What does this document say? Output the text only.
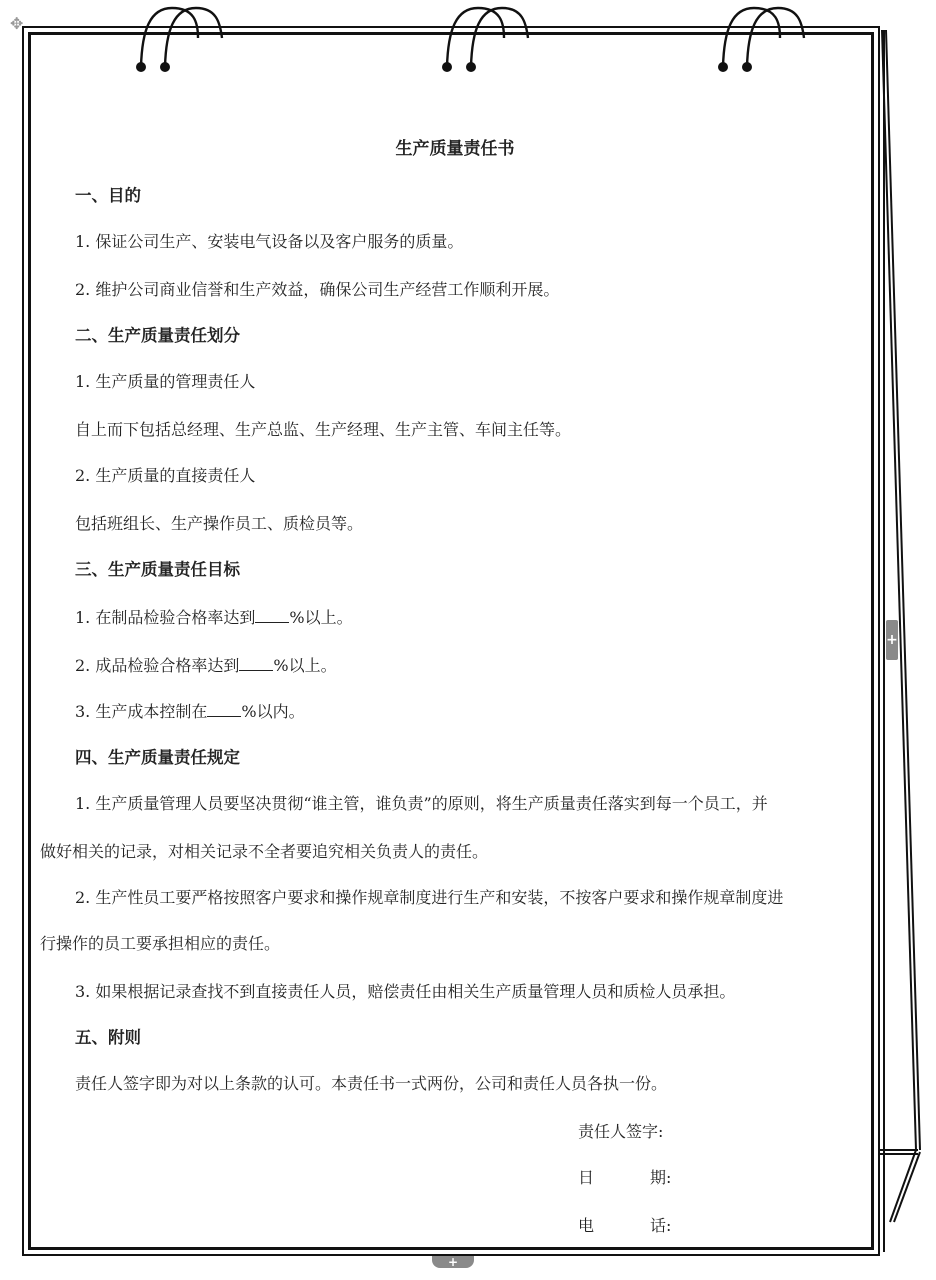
✥
+
+
生产质量责任书
一、目的
1. 保证公司生产、安装电气设备以及客户服务的质量。
2. 维护公司商业信誉和生产效益，确保公司生产经营工作顺利开展。
二、生产质量责任划分
1. 生产质量的管理责任人
自上而下包括总经理、生产总监、生产经理、生产主管、车间主任等。
2. 生产质量的直接责任人
包括班组长、生产操作员工、质检员等。
三、生产质量责任目标
1. 在制品检验合格率达到 %以上。
2. 成品检验合格率达到 %以上。
3. 生产成本控制在 %以内。
四、生产质量责任规定
1. 生产质量管理人员要坚决贯彻“谁主管，谁负责”的原则，将生产质量责任落实到每一个员工，并
做好相关的记录，对相关记录不全者要追究相关负责人的责任。
2. 生产性员工要严格按照客户要求和操作规章制度进行生产和安装，不按客户要求和操作规章制度进
行操作的员工要承担相应的责任。
3. 如果根据记录查找不到直接责任人员，赔偿责任由相关生产质量管理人员和质检人员承担。
五、附则
责任人签字即为对以上条款的认可。本责任书一式两份，公司和责任人员各执一份。
责任人签字:
日	期:
电	话:
